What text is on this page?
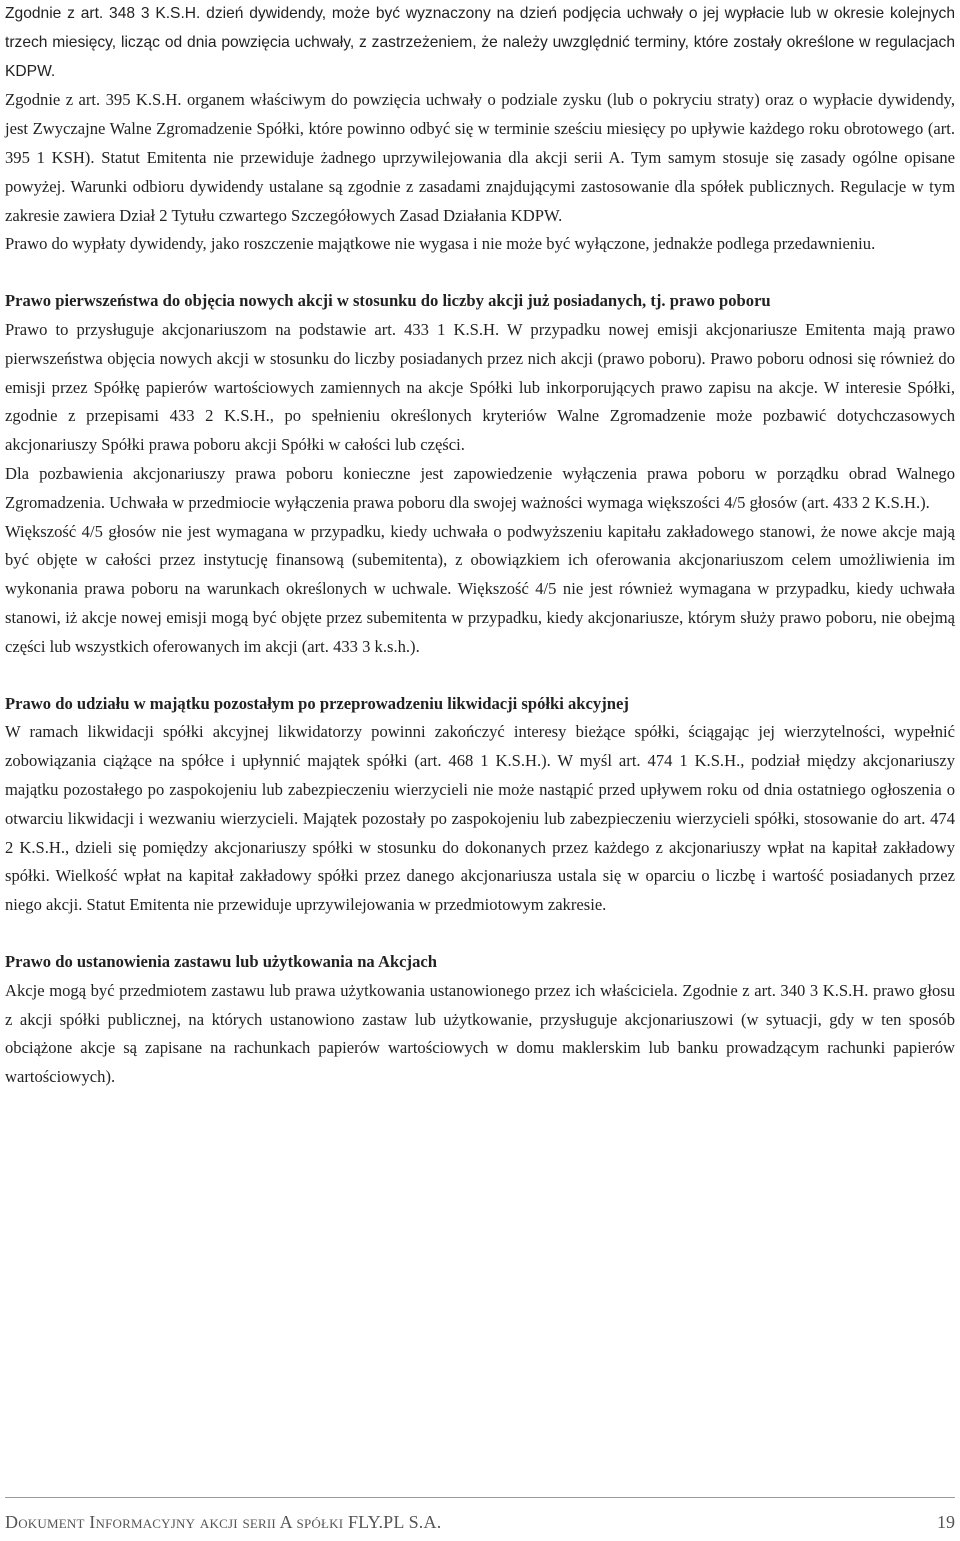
Zgodnie z art. 348 3 K.S.H. dzień dywidendy, może być wyznaczony na dzień podjęcia uchwały o jej wypłacie lub w okresie kolejnych trzech miesięcy, licząc od dnia powzięcia uchwały, z zastrzeżeniem, że należy uwzględnić terminy, które zostały określone w regulacjach KDPW.

Zgodnie z art. 395 K.S.H. organem właściwym do powzięcia uchwały o podziale zysku (lub o pokryciu straty) oraz o wypłacie dywidendy, jest Zwyczajne Walne Zgromadzenie Spółki, które powinno odbyć się w terminie sześciu miesięcy po upływie każdego roku obrotowego (art. 395 1 KSH). Statut Emitenta nie przewiduje żadnego uprzywilejowania dla akcji serii A. Tym samym stosuje się zasady ogólne opisane powyżej. Warunki odbioru dywidendy ustalane są zgodnie z zasadami znajdującymi zastosowanie dla spółek publicznych. Regulacje w tym zakresie zawiera Dział 2 Tytułu czwartego Szczegółowych Zasad Działania KDPW.

Prawo do wypłaty dywidendy, jako roszczenie majątkowe nie wygasa i nie może być wyłączone, jednakże podlega przedawnieniu.

Prawo pierwszeństwa do objęcia nowych akcji w stosunku do liczby akcji już posiadanych, tj. prawo poboru

Prawo to przysługuje akcjonariuszom na podstawie art. 433 1 K.S.H. W przypadku nowej emisji akcjonariusze Emitenta mają prawo pierwszeństwa objęcia nowych akcji w stosunku do liczby posiadanych przez nich akcji (prawo poboru). Prawo poboru odnosi się również do emisji przez Spółkę papierów wartościowych zamiennych na akcje Spółki lub inkorporujących prawo zapisu na akcje. W interesie Spółki, zgodnie z przepisami 433 2 K.S.H., po spełnieniu określonych kryteriów Walne Zgromadzenie może pozbawić dotychczasowych akcjonariuszy Spółki prawa poboru akcji Spółki w całości lub części.

Dla pozbawienia akcjonariuszy prawa poboru konieczne jest zapowiedzenie wyłączenia prawa poboru w porządku obrad Walnego Zgromadzenia. Uchwała w przedmiocie wyłączenia prawa poboru dla swojej ważności wymaga większości 4/5 głosów (art. 433 2 K.S.H.).

Większość 4/5 głosów nie jest wymagana w przypadku, kiedy uchwała o podwyższeniu kapitału zakładowego stanowi, że nowe akcje mają być objęte w całości przez instytucję finansową (subemitenta), z obowiązkiem ich oferowania akcjonariuszom celem umożliwienia im wykonania prawa poboru na warunkach określonych w uchwale. Większość 4/5 nie jest również wymagana w przypadku, kiedy uchwała stanowi, iż akcje nowej emisji mogą być objęte przez subemitenta w przypadku, kiedy akcjonariusze, którym służy prawo poboru, nie obejmą części lub wszystkich oferowanych im akcji (art. 433 3 k.s.h.).

Prawo do udziału w majątku pozostałym po przeprowadzeniu likwidacji spółki akcyjnej

W ramach likwidacji spółki akcyjnej likwidatorzy powinni zakończyć interesy bieżące spółki, ściągając jej wierzytelności, wypełnić zobowiązania ciążące na spółce i upłynnić majątek spółki (art. 468 1 K.S.H.). W myśl art. 474 1 K.S.H., podział między akcjonariuszy majątku pozostałego po zaspokojeniu lub zabezpieczeniu wierzycieli nie może nastąpić przed upływem roku od dnia ostatniego ogłoszenia o otwarciu likwidacji i wezwaniu wierzycieli. Majątek pozostały po zaspokojeniu lub zabezpieczeniu wierzycieli spółki, stosowanie do art. 474 2 K.S.H., dzieli się pomiędzy akcjonariuszy spółki w stosunku do dokonanych przez każdego z akcjonariuszy wpłat na kapitał zakładowy spółki. Wielkość wpłat na kapitał zakładowy spółki przez danego akcjonariusza ustala się w oparciu o liczbę i wartość posiadanych przez niego akcji. Statut Emitenta nie przewiduje uprzywilejowania w przedmiotowym zakresie.

Prawo do ustanowienia zastawu lub użytkowania na Akcjach

Akcje mogą być przedmiotem zastawu lub prawa użytkowania ustanowionego przez ich właściciela. Zgodnie z art. 340 3 K.S.H. prawo głosu z akcji spółki publicznej, na których ustanowiono zastaw lub użytkowanie, przysługuje akcjonariuszowi (w sytuacji, gdy w ten sposób obciążone akcje są zapisane na rachunkach papierów wartościowych w domu maklerskim lub banku prowadzącym rachunki papierów wartościowych).

Dokument Informacyjny akcji serii A spółki FLY.PL S.A.	19
